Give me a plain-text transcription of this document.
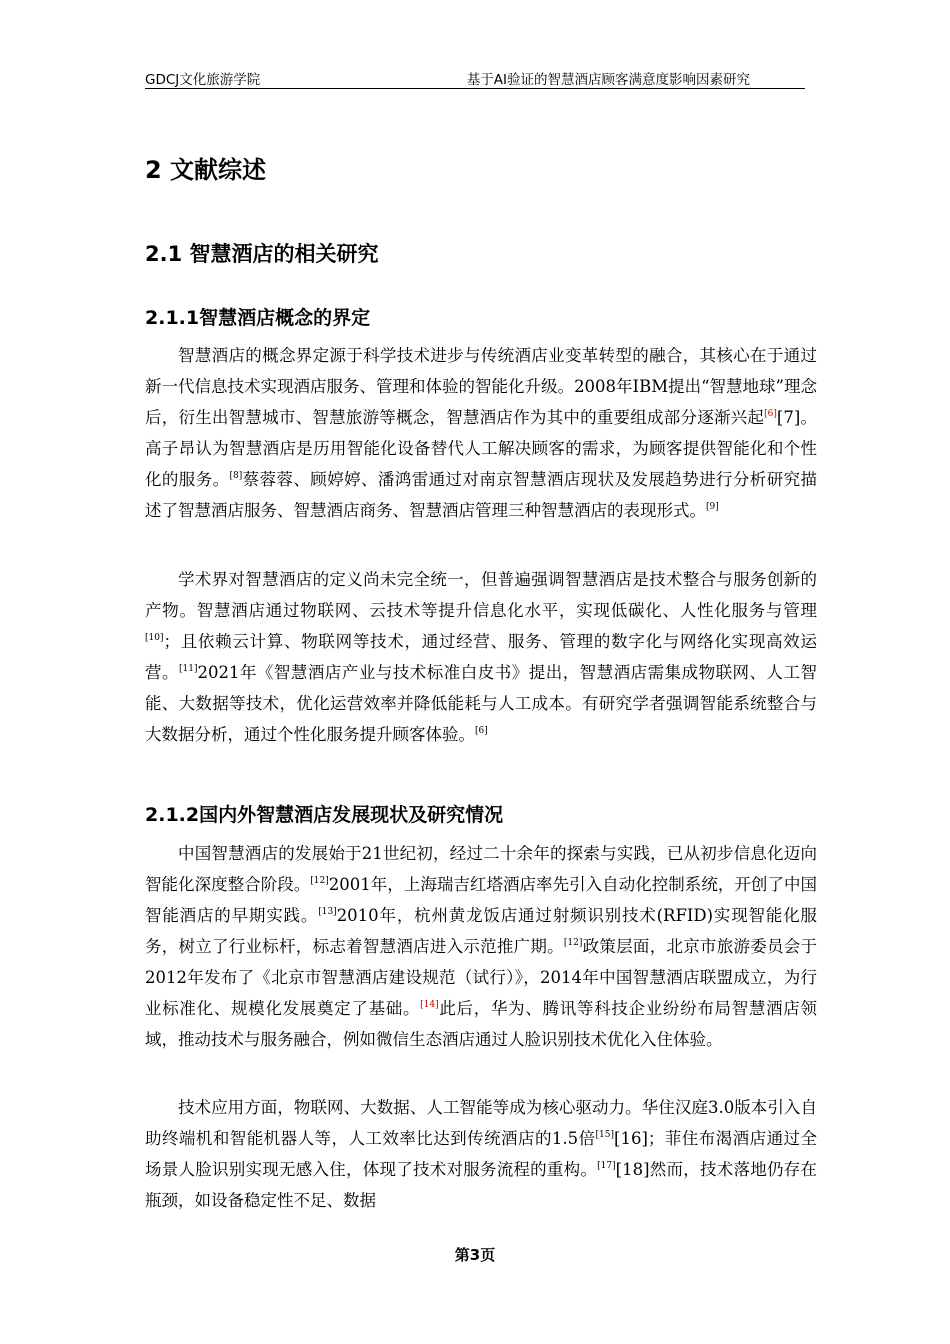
GDCJ文化旅游学院	基于AI验证的智慧酒店顾客满意度影响因素研究
2 文献综述
2.1 智慧酒店的相关研究
2.1.1智慧酒店概念的界定

智慧酒店的概念界定源于科学技术进步与传统酒店业变革转型的融合，其核心在于通过新一代信息技术实现酒店服务、管理和体验的智能化升级。2008年IBM提出“智慧地球”理念后，衍生出智慧城市、智慧旅游等概念，智慧酒店作为其中的重要组成部分逐渐兴起[6][7]。高子昂认为智慧酒店是历用智能化设备替代人工解决顾客的需求，为顾客提供智能化和个性化的服务。[8]蔡蓉蓉、顾婷婷、潘鸿雷通过对南京智慧酒店现状及发展趋势进行分析研究描述了智慧酒店服务、智慧酒店商务、智慧酒店管理三种智慧酒店的表现形式。[9]

学术界对智慧酒店的定义尚未完全统一，但普遍强调智慧酒店是技术整合与服务创新的产物。智慧酒店通过物联网、云技术等提升信息化水平，实现低碳化、人性化服务与管理[10]；且依赖云计算、物联网等技术，通过经营、服务、管理的数字化与网络化实现高效运营。[11]2021年《智慧酒店产业与技术标准白皮书》提出，智慧酒店需集成物联网、人工智能、大数据等技术，优化运营效率并降低能耗与人工成本。有研究学者强调智能系统整合与大数据分析，通过个性化服务提升顾客体验。[6]

2.1.2国内外智慧酒店发展现状及研究情况

中国智慧酒店的发展始于21世纪初，经过二十余年的探索与实践，已从初步信息化迈向智能化深度整合阶段。[12]2001年，上海瑞吉红塔酒店率先引入自动化控制系统，开创了中国智能酒店的早期实践。[13]2010年，杭州黄龙饭店通过射频识别技术(RFID)实现智能化服务，树立了行业标杆，标志着智慧酒店进入示范推广期。[12]政策层面，北京市旅游委员会于2012年发布了《北京市智慧酒店建设规范（试行）》，2014年中国智慧酒店联盟成立，为行业标准化、规模化发展奠定了基础。[14]此后，华为、腾讯等科技企业纷纷布局智慧酒店领域，推动技术与服务融合，例如微信生态酒店通过人脸识别技术优化入住体验。

技术应用方面，物联网、大数据、人工智能等成为核心驱动力。华住汉庭3.0版本引入自助终端机和智能机器人等，人工效率比达到传统酒店的1.5倍[15][16]；菲住布渴酒店通过全场景人脸识别实现无感入住，体现了技术对服务流程的重构。[17][18]然而，技术落地仍存在瓶颈，如设备稳定性不足、数据

第3页
